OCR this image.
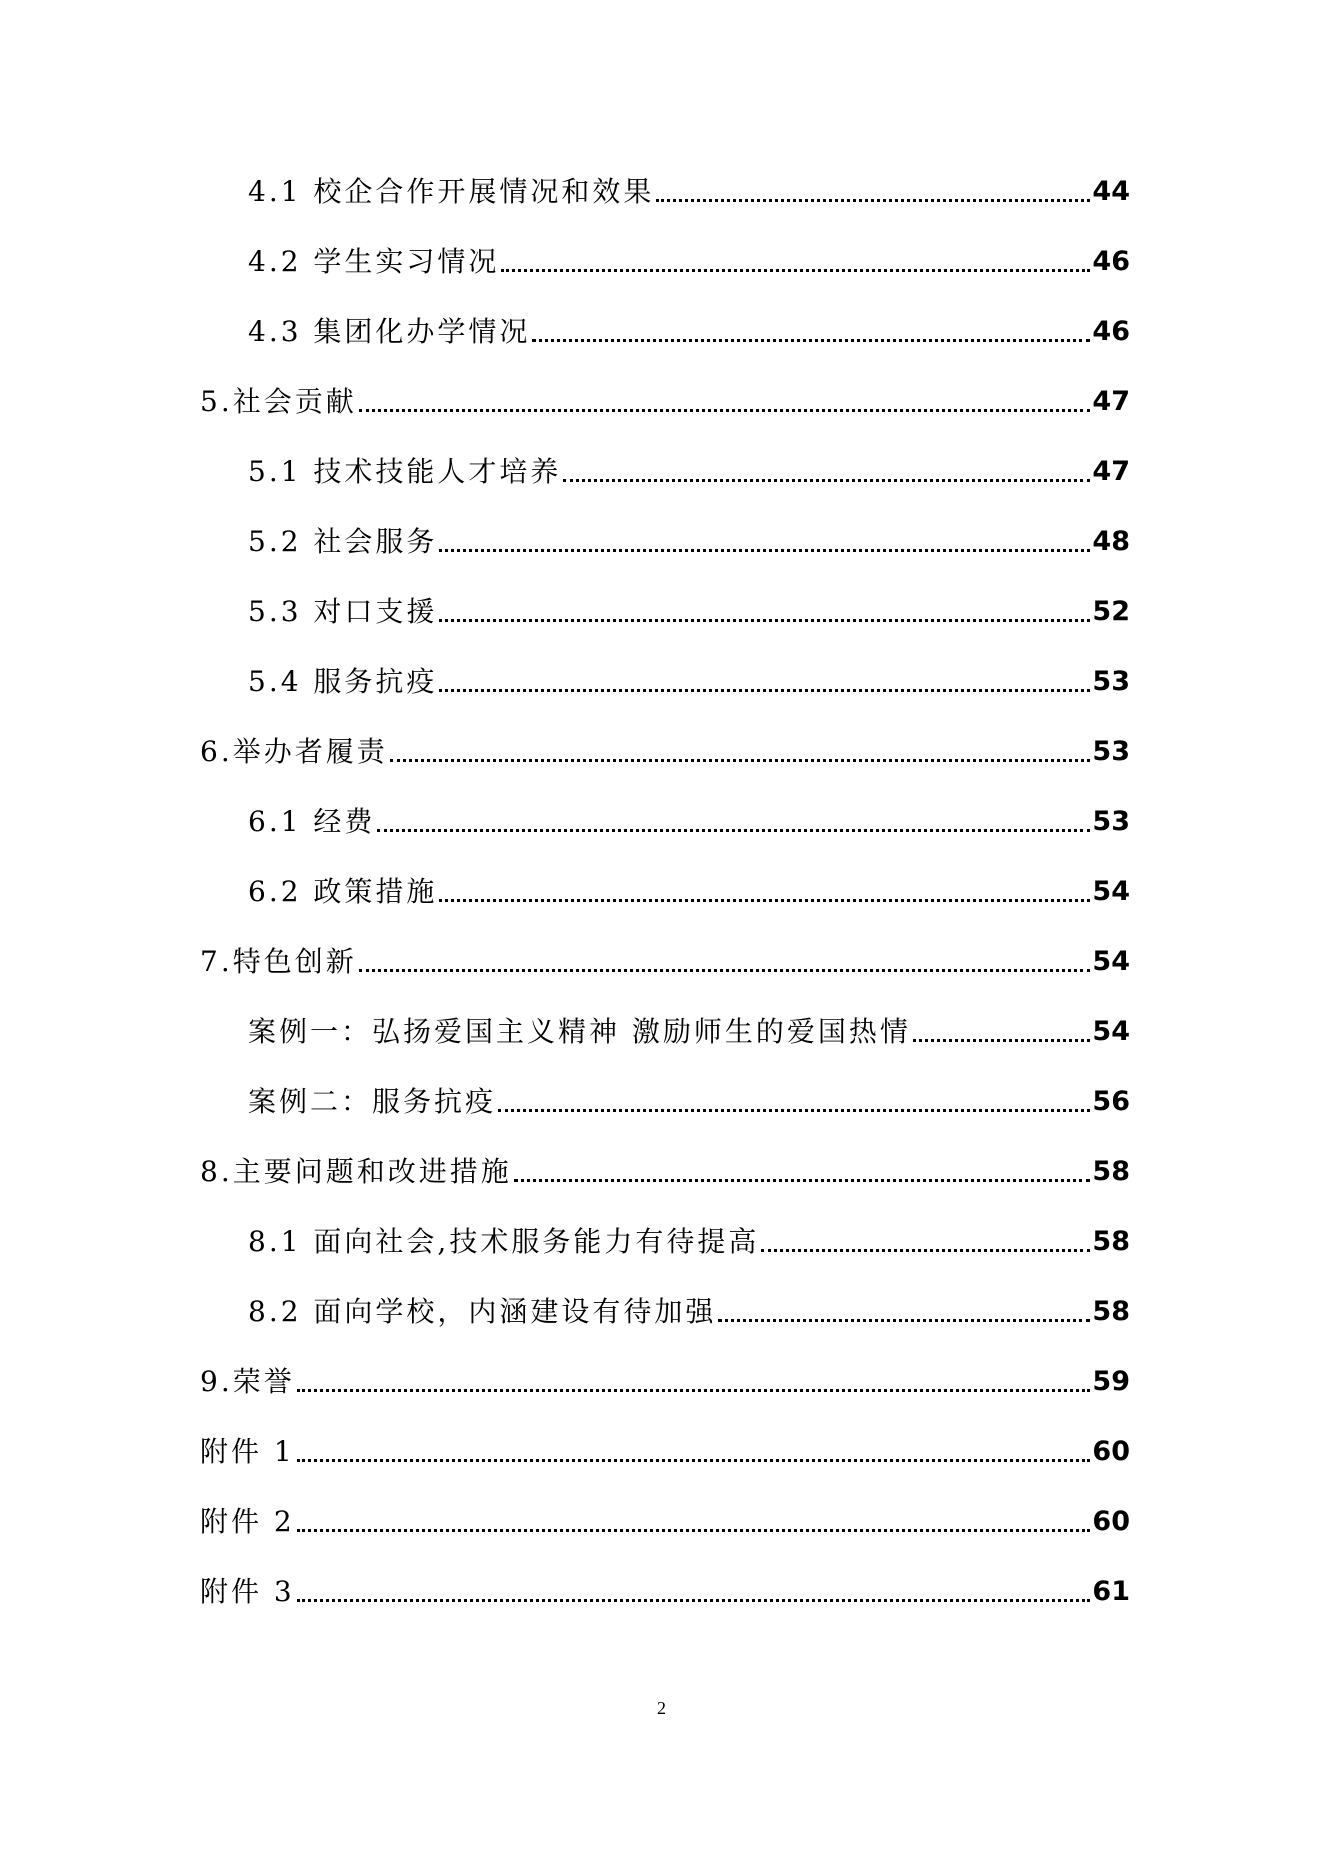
4.1 校企合作开展情况和效果	44
4.2 学生实习情况	46
4.3 集团化办学情况	46
5.社会贡献	47
5.1 技术技能人才培养	47
5.2 社会服务	48
5.3 对口支援	52
5.4 服务抗疫	53
6.举办者履责	53
6.1 经费	53
6.2 政策措施	54
7.特色创新	54
案例一：弘扬爱国主义精神 激励师生的爱国热情	54
案例二：服务抗疫	56
8.主要问题和改进措施	58
8.1 面向社会,技术服务能力有待提高	58
8.2 面向学校，内涵建设有待加强	58
9.荣誉	59
附件 1	60
附件 2	60
附件 3	61
2
